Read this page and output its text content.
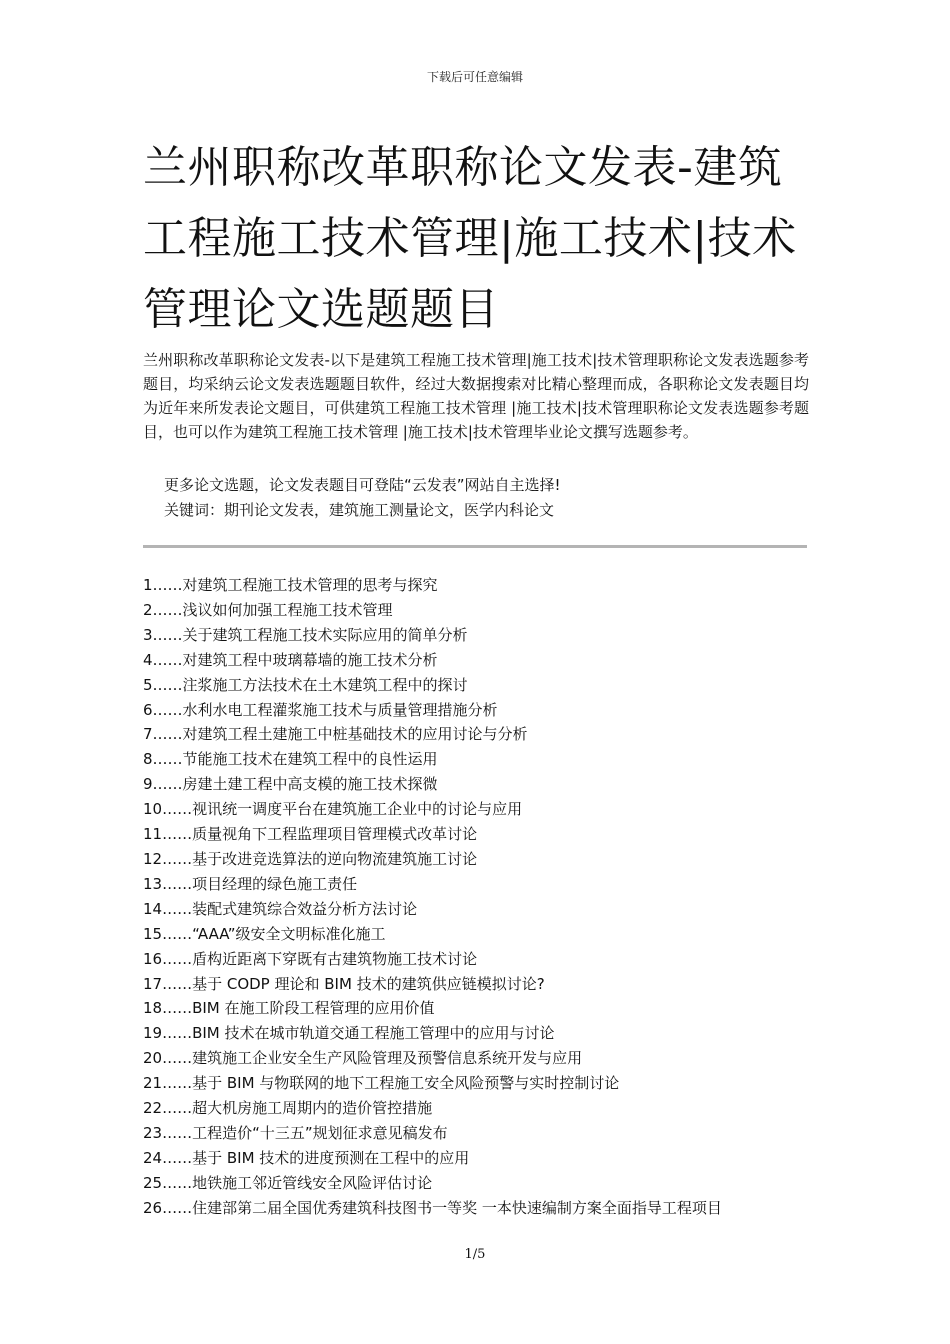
下载后可任意编辑
兰州职称改革职称论文发表-建筑工程施工技术管理|施工技术|技术管理论文选题题目

兰州职称改革职称论文发表-以下是建筑工程施工技术管理|施工技术|技术管理职称论文发表选题参考题目，均采纳云论文发表选题题目软件，经过大数据搜索对比精心整理而成，各职称论文发表题目均为近年来所发表论文题目，可供建筑工程施工技术管理 |施工技术|技术管理职称论文发表选题参考题目，也可以作为建筑工程施工技术管理 |施工技术|技术管理毕业论文撰写选题参考。

更多论文选题，论文发表题目可登陆“云发表”网站自主选择!
关键词：期刊论文发表，建筑施工测量论文，医学内科论文
1……对建筑工程施工技术管理的思考与探究
2……浅议如何加强工程施工技术管理
3……关于建筑工程施工技术实际应用的简单分析
4……对建筑工程中玻璃幕墙的施工技术分析
5……注浆施工方法技术在土木建筑工程中的探讨
6……水利水电工程灌浆施工技术与质量管理措施分析
7……对建筑工程土建施工中桩基础技术的应用讨论与分析
8……节能施工技术在建筑工程中的良性运用
9……房建土建工程中高支模的施工技术探微
10……视讯统一调度平台在建筑施工企业中的讨论与应用
11……质量视角下工程监理项目管理模式改革讨论
12……基于改进竞选算法的逆向物流建筑施工讨论
13……项目经理的绿色施工责任
14……装配式建筑综合效益分析方法讨论
15……“AAA”级安全文明标准化施工
16……盾构近距离下穿既有古建筑物施工技术讨论
17……基于 CODP 理论和 BIM 技术的建筑供应链模拟讨论?
18……BIM 在施工阶段工程管理的应用价值
19……BIM 技术在城市轨道交通工程施工管理中的应用与讨论
20……建筑施工企业安全生产风险管理及预警信息系统开发与应用
21……基于 BIM 与物联网的地下工程施工安全风险预警与实时控制讨论
22……超大机房施工周期内的造价管控措施
23……工程造价“十三五”规划征求意见稿发布
24……基于 BIM 技术的进度预测在工程中的应用
25……地铁施工邻近管线安全风险评估讨论
26……住建部第二届全国优秀建筑科技图书一等奖 一本快速编制方案全面指导工程项目
1/5
